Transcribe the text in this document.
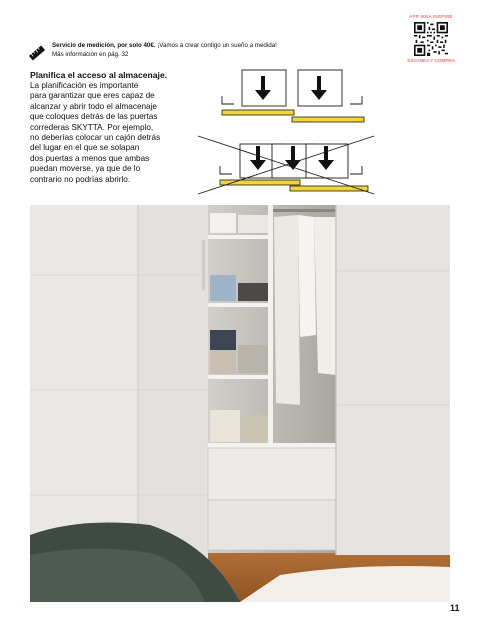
Servicio de medición, por solo 40€. ¡Vamos a crear contigo un sueño a medida!
Más información en pág. 32
APP IKEA INSPIRE
ESCANEA Y COMPRA
Planifica el acceso al almacenaje.
La planificación es importante
para garantizar que eres capaz de
alcanzar y abrir todo el almacenaje
que coloques detrás de las puertas
correderas SKYTTA. Por ejemplo,
no deberías colocar un cajón detrás
del lugar en el que se solapan
dos puertas a menos que ambas
puedan moverse, ya que de lo
contrario no podrías abrirlo.
11
